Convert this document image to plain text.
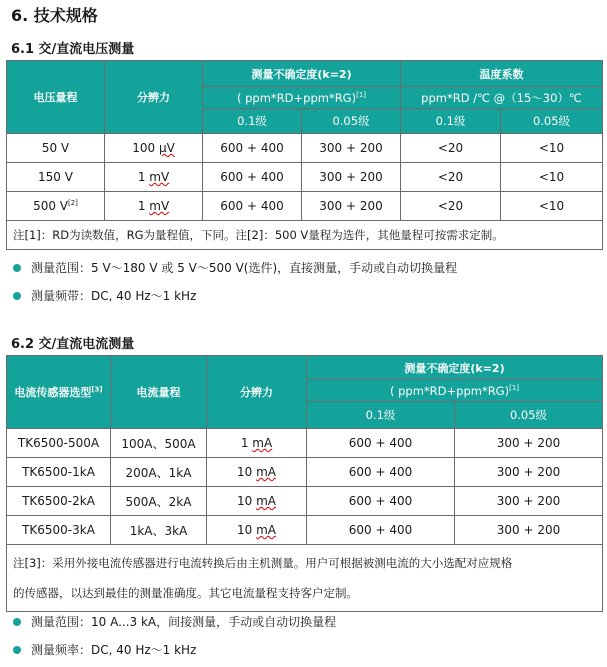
6. 技术规格
6.1 交/直流电压测量
电压量程	分辨力	测量不确定度(k=2)		温度系数	
		( ppm*RD+ppm*RG)[1]		ppm*RD /℃ @（15～30）℃	
		0.1级	0.05级	0.1级	0.05级
50 V	100 μV	600 + 400	300 + 200	<20	<10
150 V	1 mV	600 + 400	300 + 200	<20	<10
500 V[2]	1 mV	600 + 400	300 + 200	<20	<10
注[1]：RD为读数值，RG为量程值，下同。注[2]：500 V量程为选件，其他量程可按需求定制。					
测量范围：5 V～180 V 或 5 V～500 V(选件)，直接测量，手动或自动切换量程
测量频带：DC, 40 Hz～1 kHz
6.2 交/直流电流测量
电流传感器选型[3]	电流量程	分辨力	测量不确定度(k=2)	
			( ppm*RD+ppm*RG)[1]
			0.1级	0.05级
TK6500-500A	100A、500A	1 mA	600 + 400	300 + 200
TK6500-1kA	200A、1kA	10 mA	600 + 400	300 + 200
TK6500-2kA	500A、2kA	10 mA	600 + 400	300 + 200
TK6500-3kA	1kA、3kA	10 mA	600 + 400	300 + 200

注[3]：采用外接电流传感器进行电流转换后由主机测量。用户可根据被测电流的大小选配对应规格
的传感器，以达到最佳的测量准确度。其它电流量程支持客户定制。				
测量范围：10 A...3 kA，间接测量，手动或自动切换量程
测量频率：DC, 40 Hz～1 kHz
